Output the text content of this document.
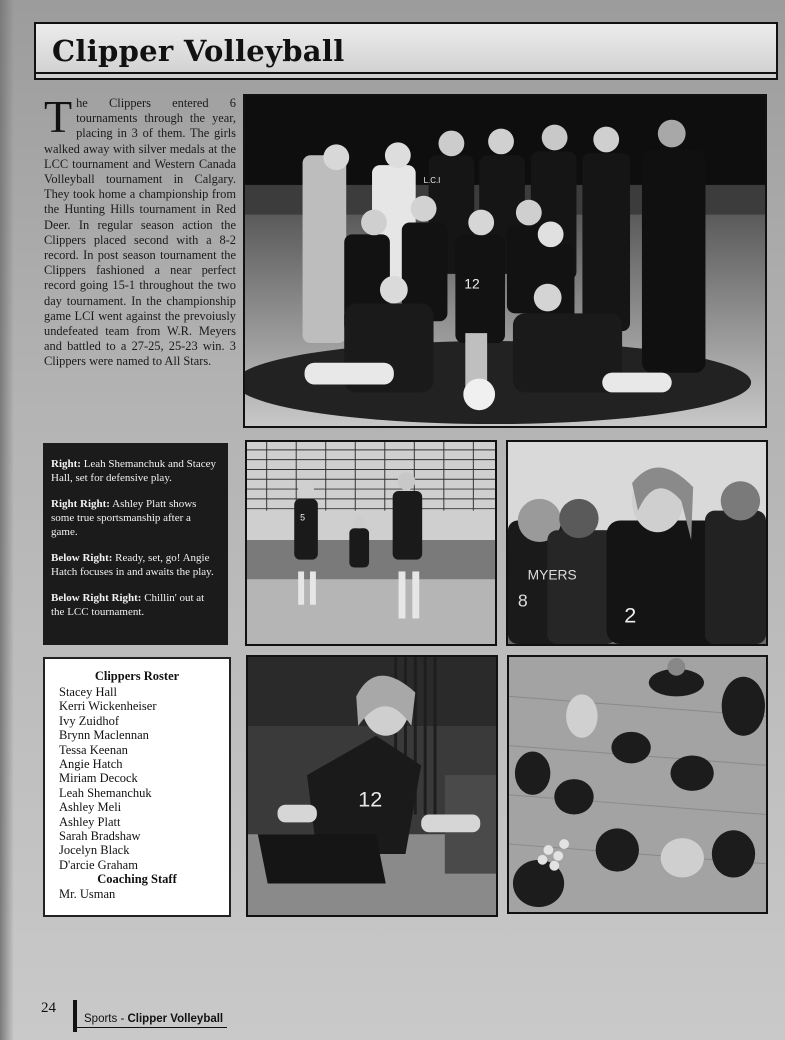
Clipper Volleyball
The Clippers entered 6 tournaments through the year, placing in 3 of them. The girls walked away with silver medals at the LCC tournament and Western Canada Volleyball tournament in Calgary. They took home a championship from the Hunting Hills tournament in Red Deer. In regular season action the Clippers placed second with a 8-2 record. In post season tournament the Clippers fashioned a near perfect record going 15-1 throughout the two day tournament. In the championship game LCI went against the prevoiusly undefeated team from W.R. Meyers and battled to a 27-25, 25-23 win. 3 Clippers were named to All Stars.
L.C.I
12

Right: Leah Shemanchuk and Stacey Hall, set for defensive play.

Right Right: Ashley Platt shows some true sportsmanship after a game.

Below Right: Ready, set, go! Angie Hatch focuses in and awaits the play.

Below Right Right: Chillin' out at the LCC tournament.

5
MYERS
8
2
Clippers Roster
Stacey Hall
Kerri Wickenheiser
Ivy Zuidhof
Brynn Maclennan
Tessa Keenan
Angie Hatch
Miriam Decock
Leah Shemanchuk
Ashley Meli
Ashley Platt
Sarah Bradshaw
Jocelyn Black
D'arcie Graham
Coaching Staff
Mr. Usman
12
24
Sports - Clipper Volleyball
